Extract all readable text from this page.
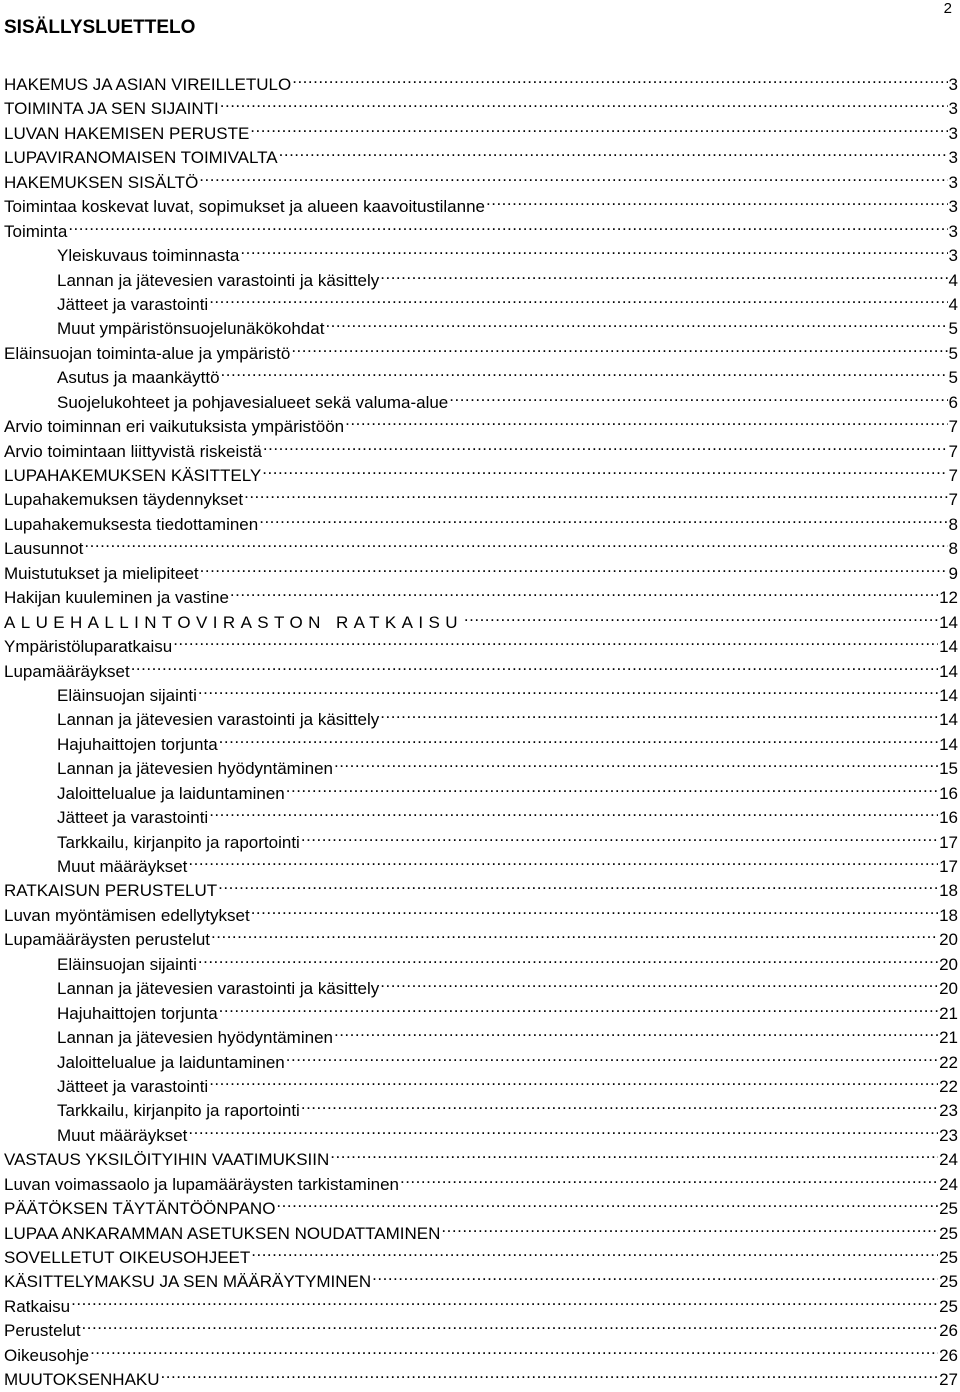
2
SISÄLLYSLUETTELO
HAKEMUS JA ASIAN VIREILLETULO .....	3
TOIMINTA JA SEN SIJAINTI .....	3
LUVAN HAKEMISEN PERUSTE .....	3
LUPAVIRANOMAISEN TOIMIVALTA .....	3
HAKEMUKSEN SISÄLTÖ .....	3
Toimintaa koskevat luvat, sopimukset ja alueen kaavoitustilanne .....	3
Toiminta .....	3
Yleiskuvaus toiminnasta .....	3
Lannan ja jätevesien varastointi ja käsittely .....	4
Jätteet ja varastointi .....	4
Muut ympäristönsuojelunäkökohdat .....	5
Eläinsuojan toiminta-alue ja ympäristö .....	5
Asutus ja maankäyttö .....	5
Suojelukohteet ja pohjavesialueet sekä valuma-alue .....	6
Arvio toiminnan eri vaikutuksista ympäristöön .....	7
Arvio toimintaan liittyvistä riskeistä .....	7
LUPAHAKEMUKSEN KÄSITTELY .....	7
Lupahakemuksen täydennykset .....	7
Lupahakemuksesta tiedottaminen .....	8
Lausunnot .....	8
Muistutukset ja mielipiteet .....	9
Hakijan kuuleminen ja vastine .....	12
ALUEHALLINTOVIRASTON RATKAISU .....	14
Ympäristöluparatkaisu .....	14
Lupamääräykset .....	14
Eläinsuojan sijainti .....	14
Lannan ja jätevesien varastointi ja käsittely .....	14
Hajuhaittojen torjunta .....	14
Lannan ja jätevesien hyödyntäminen .....	15
Jaloittelualue ja laiduntaminen .....	16
Jätteet ja varastointi .....	16
Tarkkailu, kirjanpito ja raportointi .....	17
Muut määräykset .....	17
RATKAISUN PERUSTELUT .....	18
Luvan myöntämisen edellytykset .....	18
Lupamääräysten perustelut .....	20
Eläinsuojan sijainti .....	20
Lannan ja jätevesien varastointi ja käsittely .....	20
Hajuhaittojen torjunta .....	21
Lannan ja jätevesien hyödyntäminen .....	21
Jaloittelualue ja laiduntaminen .....	22
Jätteet ja varastointi .....	22
Tarkkailu, kirjanpito ja raportointi .....	23
Muut määräykset .....	23
VASTAUS YKSILÖITYIHIN VAATIMUKSIIN .....	24
Luvan voimassaolo ja lupamääräysten tarkistaminen .....	24
PÄÄTÖKSEN TÄYTÄNTÖÖNPANO .....	25
LUPAA ANKARAMMAN ASETUKSEN NOUDATTAMINEN .....	25
SOVELLETUT OIKEUSOHJEET .....	25
KÄSITTELYMAKSU JA SEN MÄÄRÄYTYMINEN .....	25
Ratkaisu .....	25
Perustelut .....	26
Oikeusohje .....	26
MUUTOKSENHAKU .....	27
